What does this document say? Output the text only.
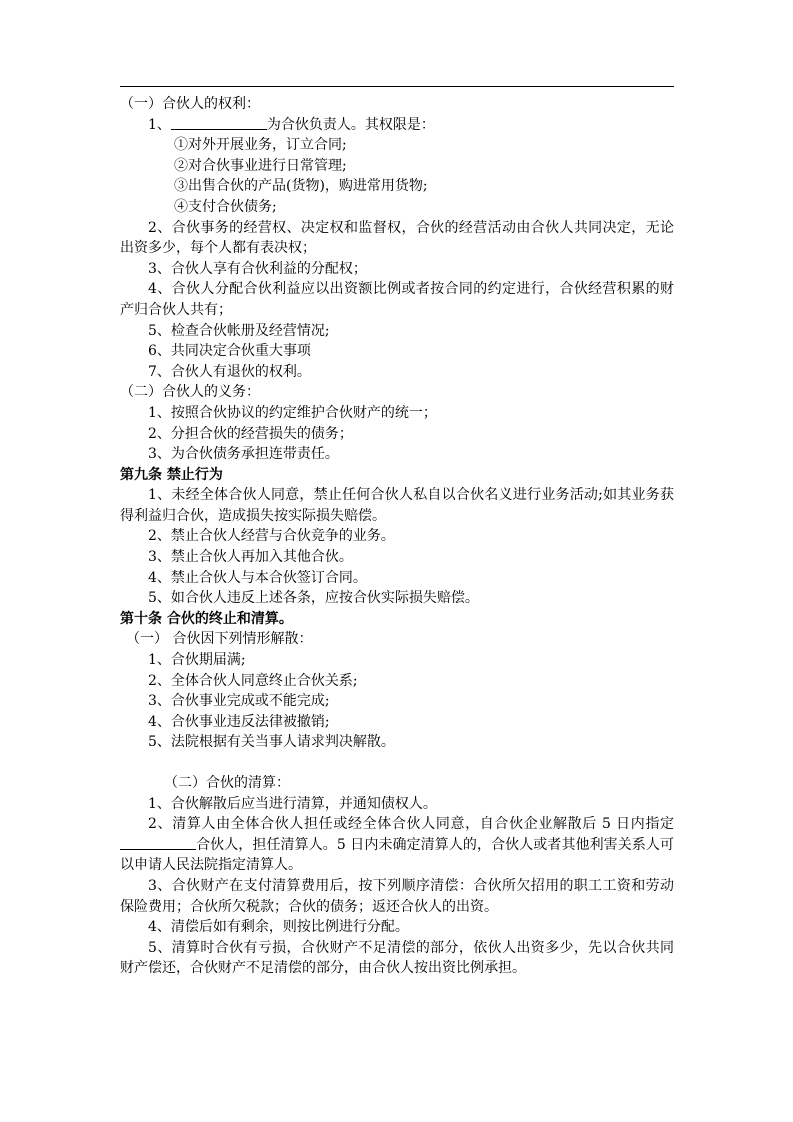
（一）合伙人的权利：

1、	为合伙负责人。其权限是：

①对外开展业务，订立合同;

②对合伙事业进行日常管理;

③出售合伙的产品(货物)，购进常用货物;

④支付合伙债务;

2、合伙事务的经营权、决定权和监督权，合伙的经营活动由合伙人共同决定，无论出资多少，每个人都有表决权；

3、合伙人享有合伙利益的分配权；

4、合伙人分配合伙利益应以出资额比例或者按合同的约定进行，合伙经营积累的财产归合伙人共有；

5、检查合伙帐册及经营情况;

6、共同决定合伙重大事项

7、合伙人有退伙的权利。

（二）合伙人的义务：

1、按照合伙协议的约定维护合伙财产的统一；

2、分担合伙的经营损失的债务；

3、为合伙债务承担连带责任。

第九条 禁止行为

1、未经全体合伙人同意，禁止任何合伙人私自以合伙名义进行业务活动;如其业务获得利益归合伙，造成损失按实际损失赔偿。

2、禁止合伙人经营与合伙竞争的业务。

3、禁止合伙人再加入其他合伙。

4、禁止合伙人与本合伙签订合同。

5、如合伙人违反上述各条，应按合伙实际损失赔偿。

第十条 合伙的终止和清算。

（一） 合伙因下列情形解散：

1、合伙期届满;

2、全体合伙人同意终止合伙关系;

3、合伙事业完成或不能完成;

4、合伙事业违反法律被撤销;

5、法院根据有关当事人请求判决解散。

（二）合伙的清算：

1、合伙解散后应当进行清算，并通知债权人。

2、清算人由全体合伙人担任或经全体合伙人同意，自合伙企业解散后 5 日内指定合伙人，担任清算人。5 日内未确定清算人的，合伙人或者其他利害关系人可以申请人民法院指定清算人。

3、合伙财产在支付清算费用后，按下列顺序清偿：合伙所欠招用的职工工资和劳动保险费用；合伙所欠税款；合伙的债务；返还合伙人的出资。

4、清偿后如有剩余，则按比例进行分配。

5、清算时合伙有亏损，合伙财产不足清偿的部分，依伙人出资多少，先以合伙共同财产偿还，合伙财产不足清偿的部分，由合伙人按出资比例承担。
